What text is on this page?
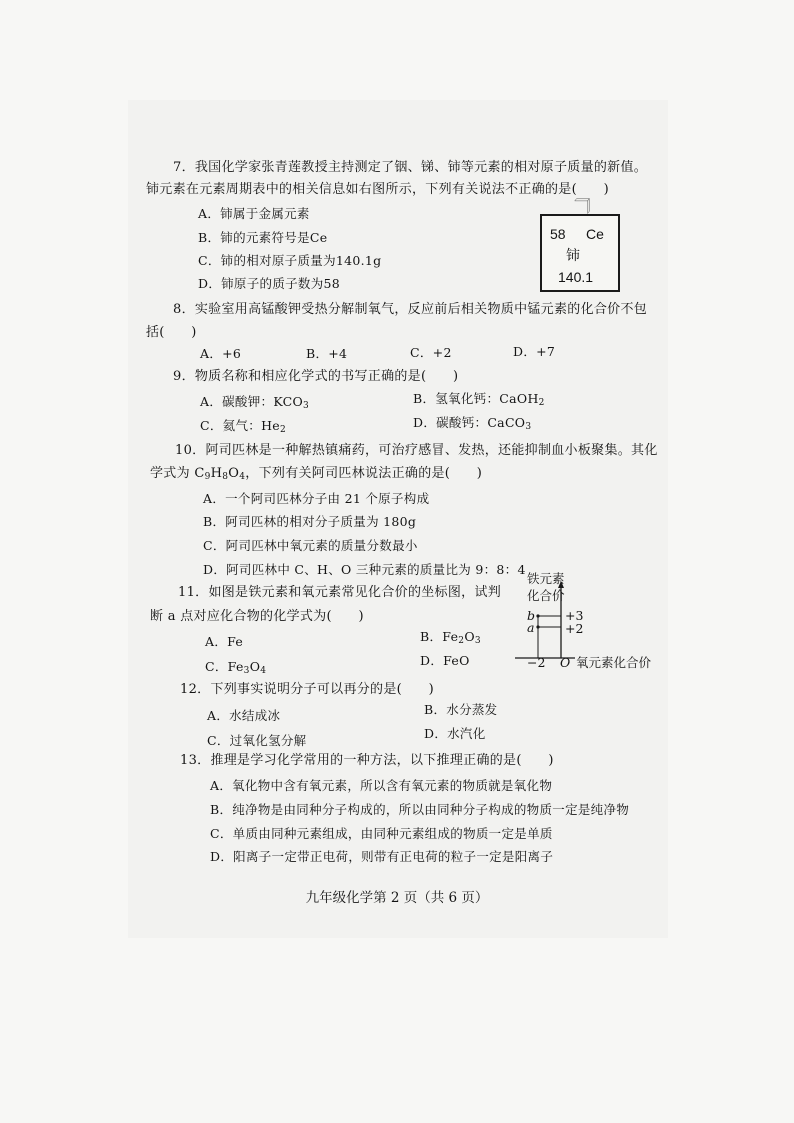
7．我国化学家张青莲教授主持测定了铟、锑、铈等元素的相对原子质量的新值。
铈元素在元素周期表中的相关信息如右图所示，下列有关说法不正确的是(　　)
A．铈属于金属元素
B．铈的元素符号是Ce
C．铈的相对原子质量为140.1g
D．铈原子的质子数为58
58 Ce
铈
140.1
8．实验室用高锰酸钾受热分解制氧气，反应前后相关物质中锰元素的化合价不包
括(　　)
A．+6	B．+4	C．+2	D．+7
9．物质名称和相应化学式的书写正确的是(　　)
A．碳酸钾：$KCO_3$	B．氢氧化钙：CaOH$_2$
C．氦气：$He_2$	D．碳酸钙：CaCO$_3$
10．阿司匹林是一种解热镇痛药，可治疗感冒、发热，还能抑制血小板聚集。其化
学式为 $C_9H_8O_4$，下列有关阿司匹林说法正确的是(　　)
A．一个阿司匹林分子由 21 个原子构成
B．阿司匹林的相对分子质量为 180g
C．阿司匹林中氧元素的质量分数最小
D．阿司匹林中 C、H、O 三种元素的质量比为 9：8：4
11．如图是铁元素和氧元素常见化合价的坐标图，试判
断 a 点对应化合物的化学式为(　　)
A．Fe	B．$Fe_2O_3$
C．$Fe_3O_4$
D．FeO
铁元素
化合价
b
a
+3
+2
−2 O 氧元素化合价
12．下列事实说明分子可以再分的是(　　)
A．水结成冰	B．水分蒸发
C．过氧化氢分解	D．水汽化
13．推理是学习化学常用的一种方法，以下推理正确的是(　　)
A．氧化物中含有氧元素，所以含有氧元素的物质就是氧化物
B．纯净物是由同种分子构成的，所以由同种分子构成的物质一定是纯净物
C．单质由同种元素组成，由同种元素组成的物质一定是单质
D．阳离子一定带正电荷，则带有正电荷的粒子一定是阳离子
九年级化学第 2 页（共 6 页）
